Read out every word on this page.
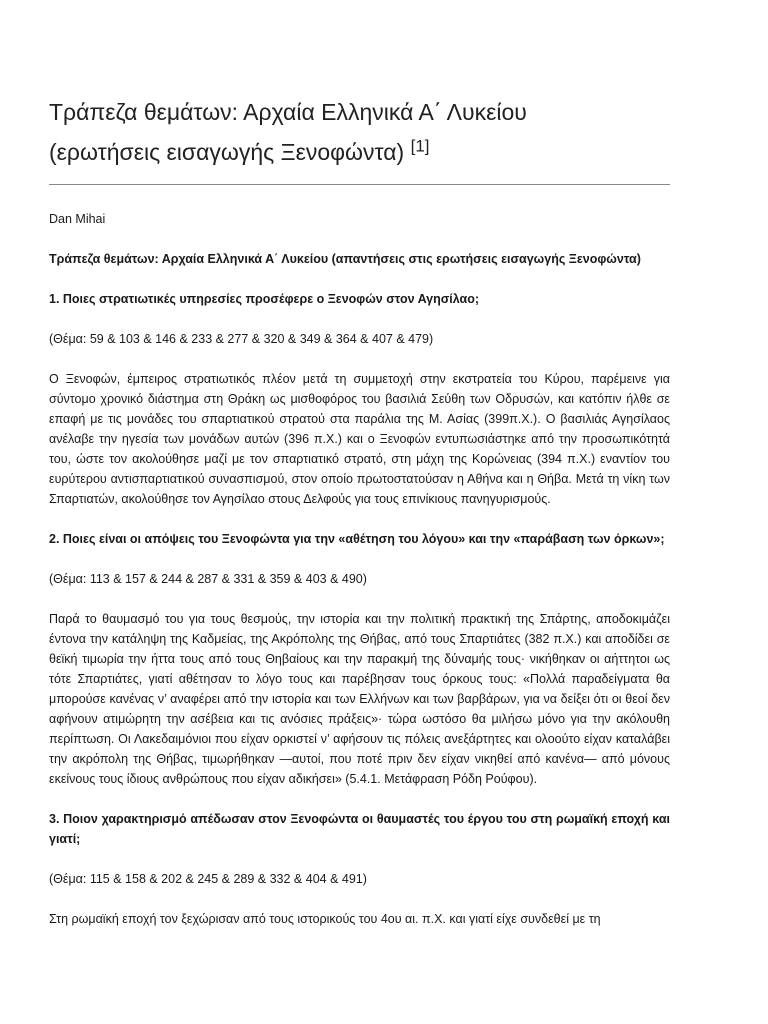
Τράπεζα θεμάτων: Αρχαία Ελληνικά Α΄ Λυκείου
(ερωτήσεις εισαγωγής Ξενοφώντα) [1]

Dan Mihai

Τράπεζα θεμάτων: Αρχαία Ελληνικά Α΄ Λυκείου (απαντήσεις στις ερωτήσεις εισαγωγής Ξενοφώντα)

1. Ποιες στρατιωτικές υπηρεσίες προσέφερε ο Ξενοφών στον Αγησίλαο;

(Θέμα: 59 & 103 & 146 & 233 & 277 & 320 & 349 & 364 & 407 & 479)

Ο Ξενοφών, έμπειρος στρατιωτικός πλέον μετά τη συμμετοχή στην εκστρατεία του Κύρου, παρέμεινε για σύντομο χρονικό διάστημα στη Θράκη ως μισθοφόρος του βασιλιά Σεύθη των Οδρυσών, και κατόπιν ήλθε σε επαφή με τις μονάδες του σπαρτιατικού στρατού στα παράλια της Μ. Ασίας (399π.Χ.). Ο βασιλιάς Αγησίλαος ανέλαβε την ηγεσία των μονάδων αυτών (396 π.Χ.) και ο Ξενοφών εντυπωσιάστηκε από την προσωπικότητά του, ώστε τον ακολούθησε μαζί με τον σπαρτιατικό στρατό, στη μάχη της Κορώνειας (394 π.Χ.) εναντίον του ευρύτερου αντισπαρτιατικού συνασπισμού, στον οποίο πρωτοστατούσαν η Αθήνα και η Θήβα. Μετά τη νίκη των Σπαρτιατών, ακολούθησε τον Αγησίλαο στους Δελφούς για τους επινίκιους πανηγυρισμούς.

2. Ποιες είναι οι απόψεις του Ξενοφώντα για την «αθέτηση του λόγου» και την «παράβαση των όρκων»;

(Θέμα: 113 & 157 & 244 & 287 & 331 & 359 & 403 & 490)

Παρά το θαυμασμό του για τους θεσμούς, την ιστορία και την πολιτική πρακτική της Σπάρτης, αποδοκιμάζει έντονα την κατάληψη της Καδμείας, της Ακρόπολης της Θήβας, από τους Σπαρτιάτες (382 π.Χ.) και αποδίδει σε θεϊκή τιμωρία την ήττα τους από τους Θηβαίους και την παρακμή της δύναμής τους· νικήθηκαν οι αήττητοι ως τότε Σπαρτιάτες, γιατί αθέτησαν το λόγο τους και παρέβησαν τους όρκους τους: «Πολλά παραδείγματα θα μπορούσε κανένας ν’ αναφέρει από την ιστορία και των Ελλήνων και των βαρβάρων, για να δείξει ότι οι θεοί δεν αφήνουν ατιμώρητη την ασέβεια και τις ανόσιες πράξεις»· τώρα ωστόσο θα μιλήσω μόνο για την ακόλουθη περίπτωση. Οι Λακεδαιμόνιοι που είχαν ορκιστεί ν’ αφήσουν τις πόλεις ανεξάρτητες και ολοούτο είχαν καταλάβει την ακρόπολη της Θήβας, τιμωρήθηκαν —αυτοί, που ποτέ πριν δεν είχαν νικηθεί από κανένα— από μόνους εκείνους τους ίδιους ανθρώπους που είχαν αδικήσει» (5.4.1. Μετάφραση Ρόδη Ρούφου).

3. Ποιον χαρακτηρισμό απέδωσαν στον Ξενοφώντα οι θαυμαστές του έργου του στη ρωμαϊκή εποχή και γιατί;

(Θέμα: 115 & 158 & 202 & 245 & 289 & 332 & 404 & 491)

Στη ρωμαϊκή εποχή τον ξεχώρισαν από τους ιστορικούς του 4ου αι. π.Χ. και γιατί είχε συνδεθεί με τη
